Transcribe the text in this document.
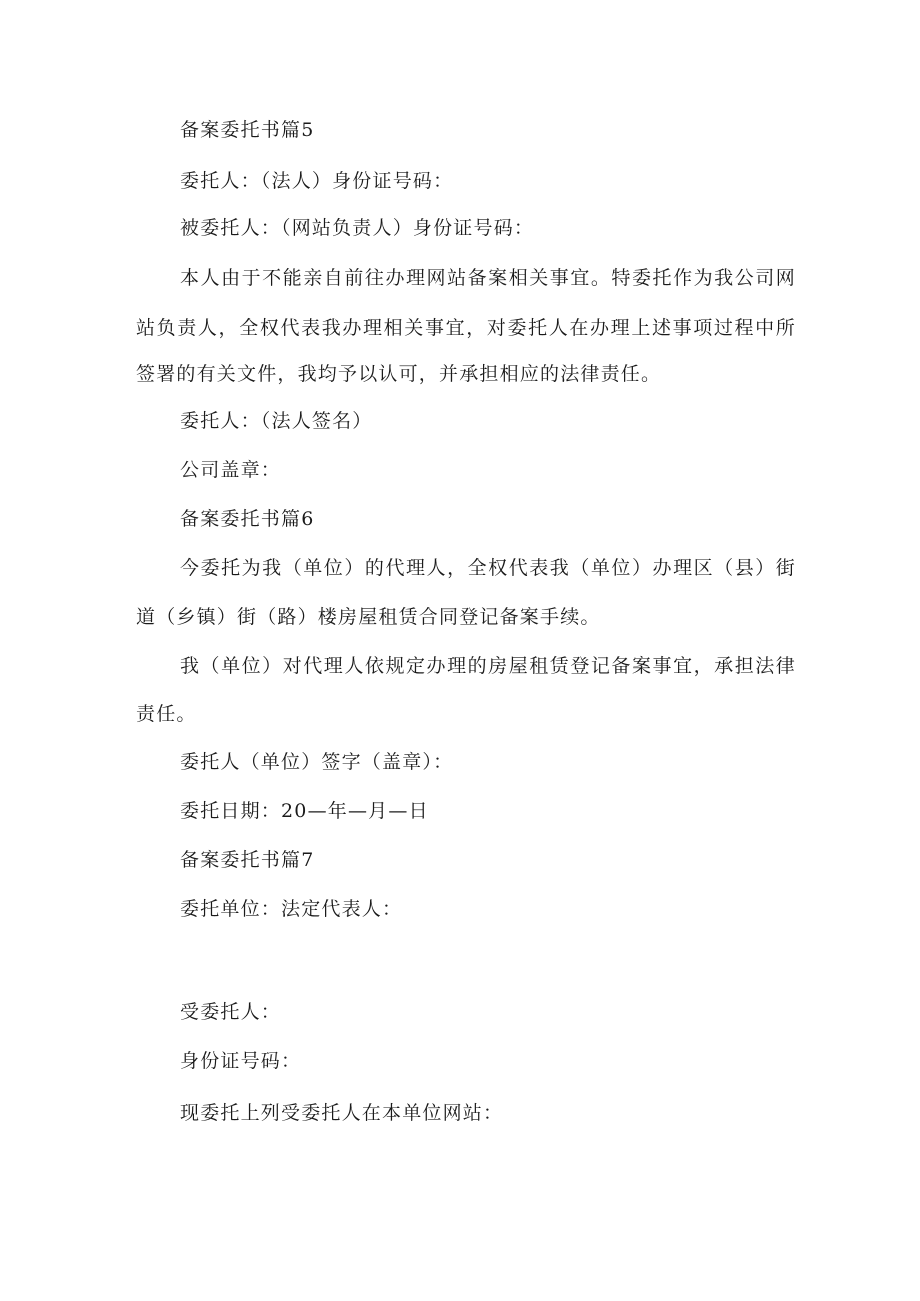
备案委托书篇5
委托人：（法人）身份证号码：
被委托人：（网站负责人）身份证号码：
本人由于不能亲自前往办理网站备案相关事宜。特委托作为我公司网
站负责人，全权代表我办理相关事宜，对委托人在办理上述事项过程中所
签署的有关文件，我均予以认可，并承担相应的法律责任。
委托人：（法人签名）
公司盖章：
备案委托书篇6
今委托为我（单位）的代理人，全权代表我（单位）办理区（县）街
道（乡镇）街（路）楼房屋租赁合同登记备案手续。
我（单位）对代理人依规定办理的房屋租赁登记备案事宜，承担法律
责任。
委托人（单位）签字（盖章）：
委托日期：20—年—月—日
备案委托书篇7
委托单位：法定代表人：
受委托人：
身份证号码：
现委托上列受委托人在本单位网站：
